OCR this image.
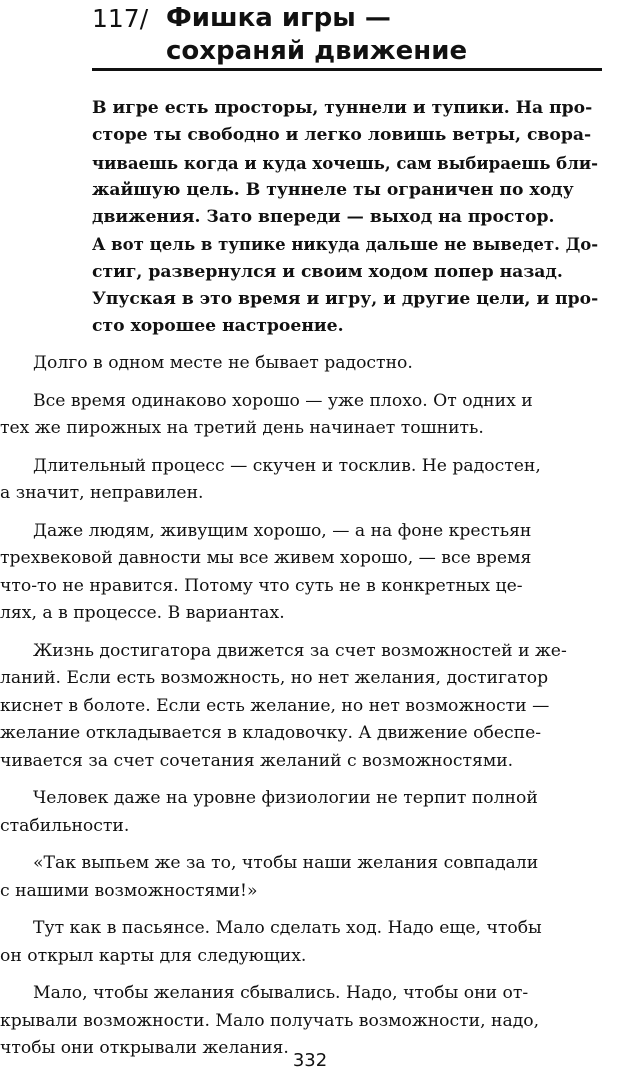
117/ Фишка игры —
сохраняй движение
В игре есть просторы, туннели и тупики. На про-
сторе ты свободно и легко ловишь ветры, свора-
чиваешь когда и куда хочешь, сам выбираешь бли-
жайшую цель. В туннеле ты ограничен по ходу
движения. Зато впереди — выход на простор.
А вот цель в тупике никуда дальше не выведет. До-
стиг, развернулся и своим ходом попер назад.
Упуская в это время и игру, и другие цели, и про-
сто хорошее настроение.
Долго в одном месте не бывает радостно.
Все время одинаково хорошо — уже плохо. От одних и
тех же пирожных на третий день начинает тошнить.
Длительный процесс — скучен и тосклив. Не радостен,
а значит, неправилен.
Даже людям, живущим хорошо, — а на фоне крестьян
трехвековой давности мы все живем хорошо, — все время
что-то не нравится. Потому что суть не в конкретных це-
лях, а в процессе. В вариантах.
Жизнь достигатора движется за счет возможностей и же-
ланий. Если есть возможность, но нет желания, достигатор
киснет в болоте. Если есть желание, но нет возможности —
желание откладывается в кладовочку. А движение обеспе-
чивается за счет сочетания желаний с возможностями.
Человек даже на уровне физиологии не терпит полной
стабильности.
«Так выпьем же за то, чтобы наши желания совпадали
с нашими возможностями!»
Тут как в пасьянсе. Мало сделать ход. Надо еще, чтобы
он открыл карты для следующих.
Мало, чтобы желания сбывались. Надо, чтобы они от-
крывали возможности. Мало получать возможности, надо,
чтобы они открывали желания.
332
